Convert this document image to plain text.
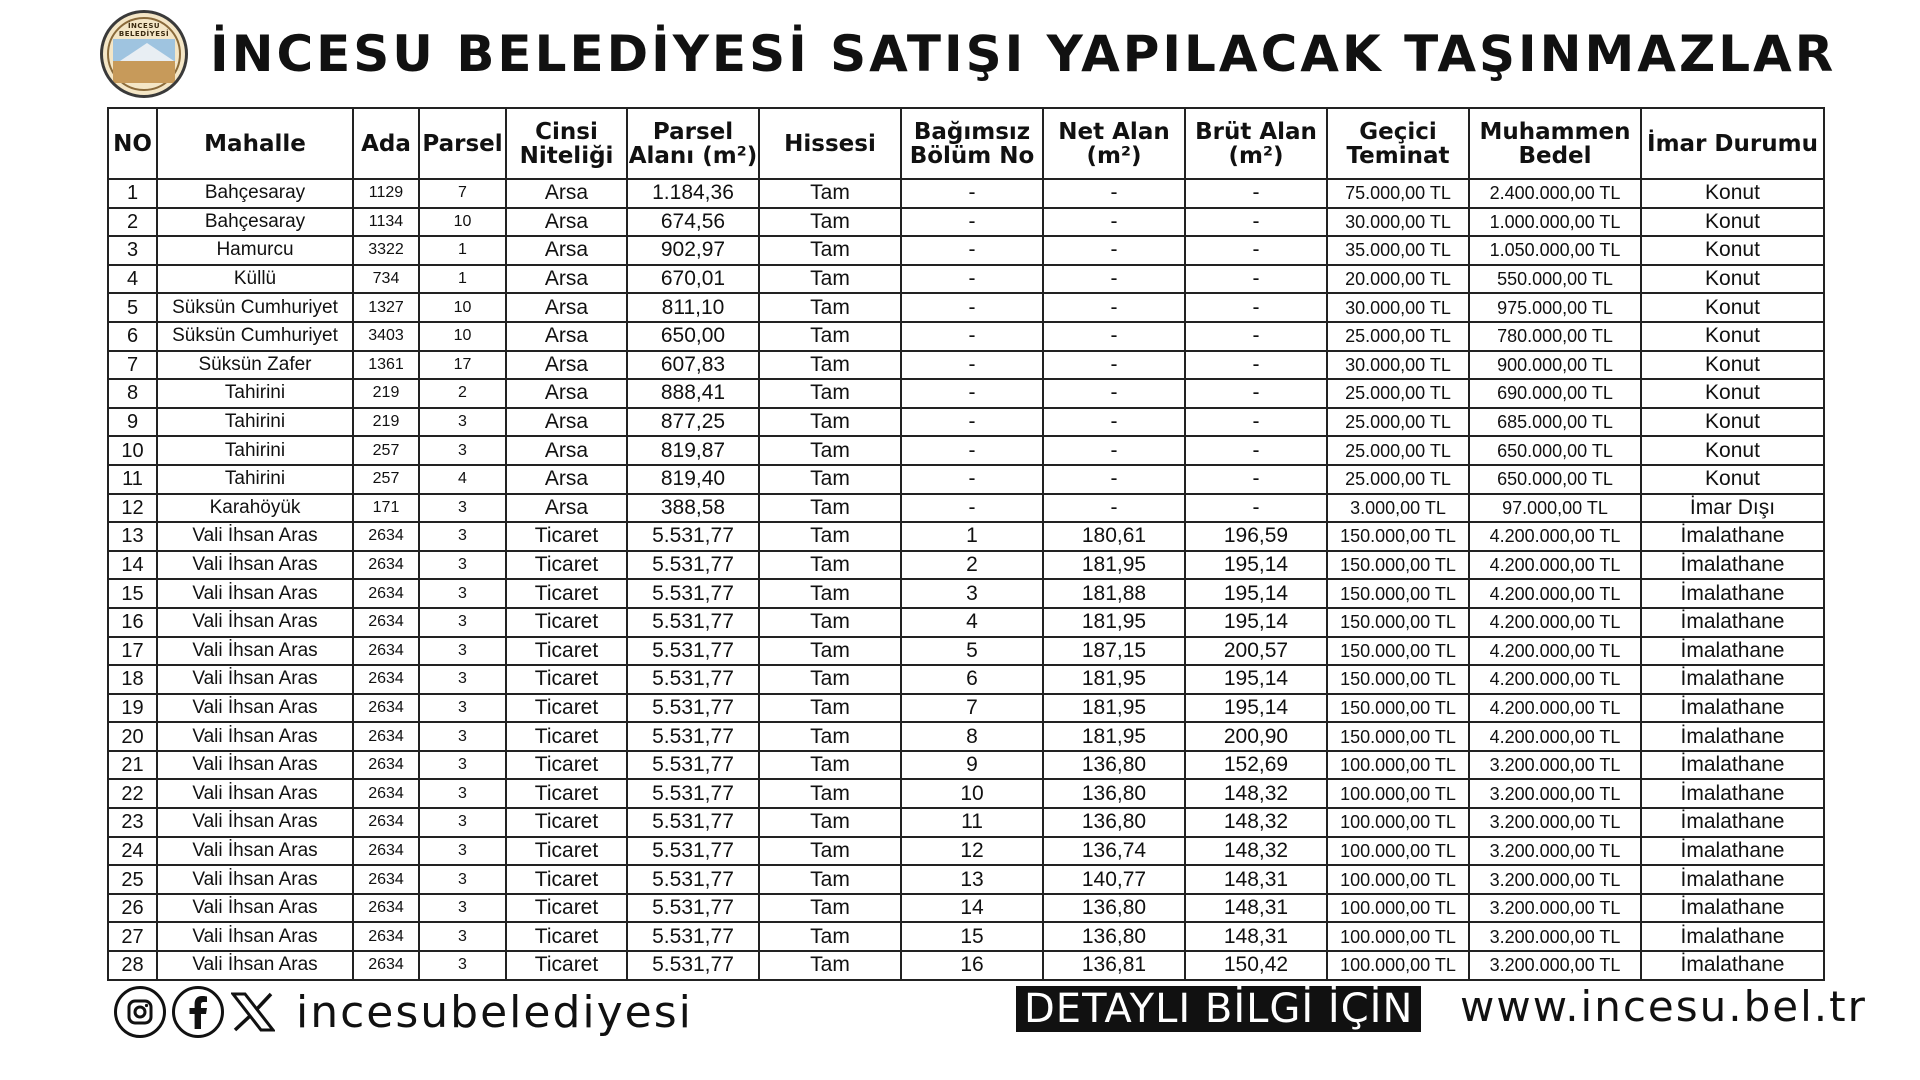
İNCESU BELEDİYESİ İNCESU BELEDİYESİ SATIŞI YAPILACAK TAŞINMAZLAR
NO	Mahalle	Ada	Parsel	Cinsi Niteliği	Parsel Alanı (m²)	Hissesi	Bağımsız Bölüm No	Net Alan (m²)	Brüt Alan (m²)	Geçici Teminat	Muhammen Bedel	İmar Durumu
1	Bahçesaray	1129	7	Arsa	1.184,36	Tam	-	-	-	75.000,00 TL	2.400.000,00 TL	Konut
2	Bahçesaray	1134	10	Arsa	674,56	Tam	-	-	-	30.000,00 TL	1.000.000,00 TL	Konut
3	Hamurcu	3322	1	Arsa	902,97	Tam	-	-	-	35.000,00 TL	1.050.000,00 TL	Konut
4	Küllü	734	1	Arsa	670,01	Tam	-	-	-	20.000,00 TL	550.000,00 TL	Konut
5	Süksün Cumhuriyet	1327	10	Arsa	811,10	Tam	-	-	-	30.000,00 TL	975.000,00 TL	Konut
6	Süksün Cumhuriyet	3403	10	Arsa	650,00	Tam	-	-	-	25.000,00 TL	780.000,00 TL	Konut
7	Süksün Zafer	1361	17	Arsa	607,83	Tam	-	-	-	30.000,00 TL	900.000,00 TL	Konut
8	Tahirini	219	2	Arsa	888,41	Tam	-	-	-	25.000,00 TL	690.000,00 TL	Konut
9	Tahirini	219	3	Arsa	877,25	Tam	-	-	-	25.000,00 TL	685.000,00 TL	Konut
10	Tahirini	257	3	Arsa	819,87	Tam	-	-	-	25.000,00 TL	650.000,00 TL	Konut
11	Tahirini	257	4	Arsa	819,40	Tam	-	-	-	25.000,00 TL	650.000,00 TL	Konut
12	Karahöyük	171	3	Arsa	388,58	Tam	-	-	-	3.000,00 TL	97.000,00 TL	İmar Dışı
13	Vali İhsan Aras	2634	3	Ticaret	5.531,77	Tam	1	180,61	196,59	150.000,00 TL	4.200.000,00 TL	İmalathane
14	Vali İhsan Aras	2634	3	Ticaret	5.531,77	Tam	2	181,95	195,14	150.000,00 TL	4.200.000,00 TL	İmalathane
15	Vali İhsan Aras	2634	3	Ticaret	5.531,77	Tam	3	181,88	195,14	150.000,00 TL	4.200.000,00 TL	İmalathane
16	Vali İhsan Aras	2634	3	Ticaret	5.531,77	Tam	4	181,95	195,14	150.000,00 TL	4.200.000,00 TL	İmalathane
17	Vali İhsan Aras	2634	3	Ticaret	5.531,77	Tam	5	187,15	200,57	150.000,00 TL	4.200.000,00 TL	İmalathane
18	Vali İhsan Aras	2634	3	Ticaret	5.531,77	Tam	6	181,95	195,14	150.000,00 TL	4.200.000,00 TL	İmalathane
19	Vali İhsan Aras	2634	3	Ticaret	5.531,77	Tam	7	181,95	195,14	150.000,00 TL	4.200.000,00 TL	İmalathane
20	Vali İhsan Aras	2634	3	Ticaret	5.531,77	Tam	8	181,95	200,90	150.000,00 TL	4.200.000,00 TL	İmalathane
21	Vali İhsan Aras	2634	3	Ticaret	5.531,77	Tam	9	136,80	152,69	100.000,00 TL	3.200.000,00 TL	İmalathane
22	Vali İhsan Aras	2634	3	Ticaret	5.531,77	Tam	10	136,80	148,32	100.000,00 TL	3.200.000,00 TL	İmalathane
23	Vali İhsan Aras	2634	3	Ticaret	5.531,77	Tam	11	136,80	148,32	100.000,00 TL	3.200.000,00 TL	İmalathane
24	Vali İhsan Aras	2634	3	Ticaret	5.531,77	Tam	12	136,74	148,32	100.000,00 TL	3.200.000,00 TL	İmalathane
25	Vali İhsan Aras	2634	3	Ticaret	5.531,77	Tam	13	140,77	148,31	100.000,00 TL	3.200.000,00 TL	İmalathane
26	Vali İhsan Aras	2634	3	Ticaret	5.531,77	Tam	14	136,80	148,31	100.000,00 TL	3.200.000,00 TL	İmalathane
27	Vali İhsan Aras	2634	3	Ticaret	5.531,77	Tam	15	136,80	148,31	100.000,00 TL	3.200.000,00 TL	İmalathane
28	Vali İhsan Aras	2634	3	Ticaret	5.531,77	Tam	16	136,81	150,42	100.000,00 TL	3.200.000,00 TL	İmalathane
incesubelediyesi	DETAYLI BİLGİ İÇİN www.incesu.bel.tr
